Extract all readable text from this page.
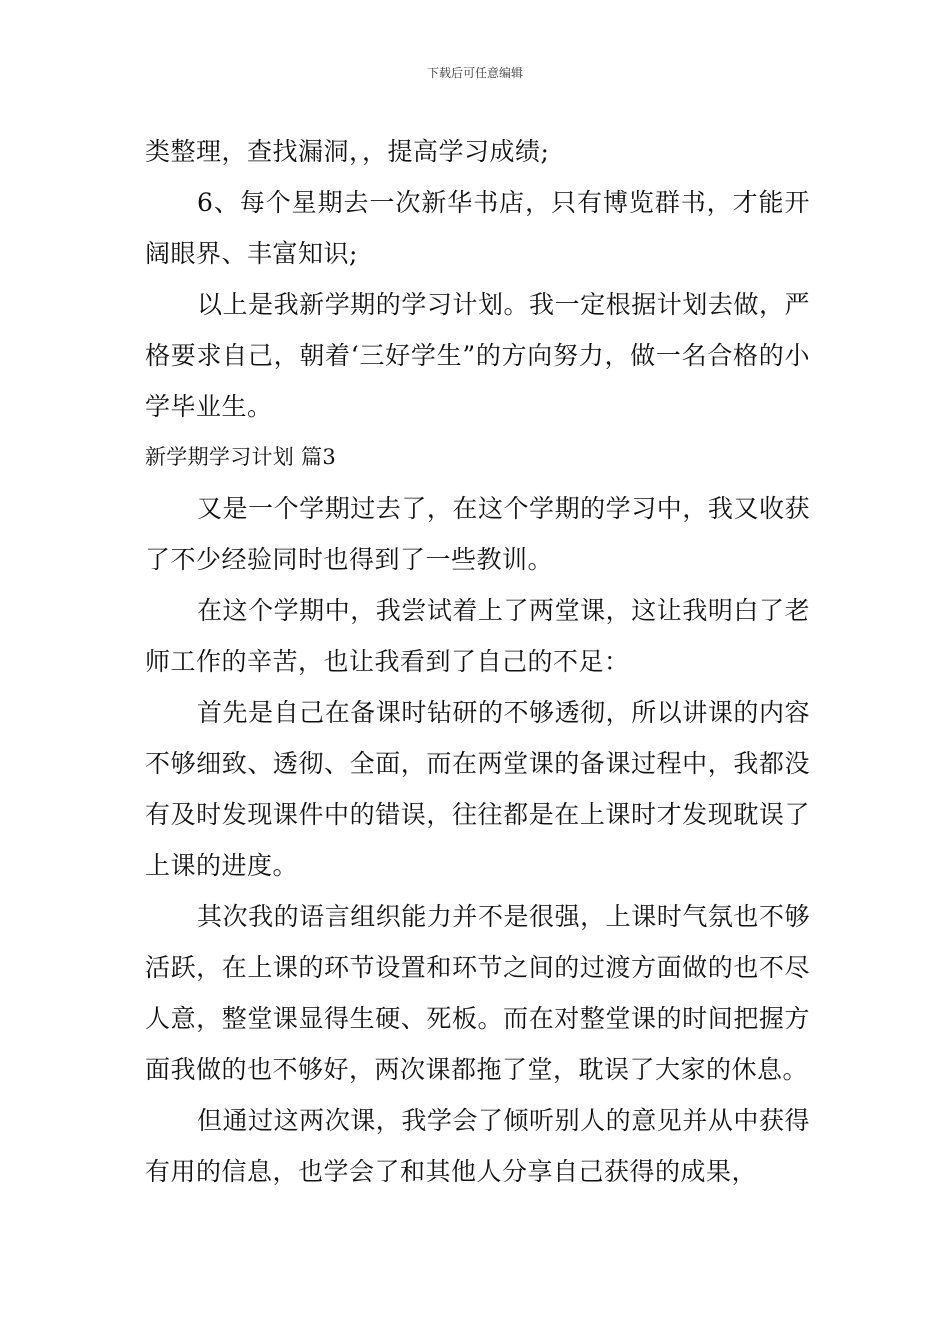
下载后可任意编辑

类整理，查找漏洞，，提高学习成绩;

6、每个星期去一次新华书店，只有博览群书，才能开阔眼界、丰富知识;

以上是我新学期的学习计划。我一定根据计划去做，严格要求自己，朝着‘三好学生”的方向努力，做一名合格的小学毕业生。

新学期学习计划 篇3

又是一个学期过去了，在这个学期的学习中，我又收获了不少经验同时也得到了一些教训。

在这个学期中，我尝试着上了两堂课，这让我明白了老师工作的辛苦，也让我看到了自己的不足：

首先是自己在备课时钻研的不够透彻，所以讲课的内容不够细致、透彻、全面，而在两堂课的备课过程中，我都没有及时发现课件中的错误，往往都是在上课时才发现耽误了上课的进度。

其次我的语言组织能力并不是很强，上课时气氛也不够活跃，在上课的环节设置和环节之间的过渡方面做的也不尽人意，整堂课显得生硬、死板。而在对整堂课的时间把握方面我做的也不够好，两次课都拖了堂，耽误了大家的休息。

但通过这两次课，我学会了倾听别人的意见并从中获得有用的信息，也学会了和其他人分享自己获得的成果，
